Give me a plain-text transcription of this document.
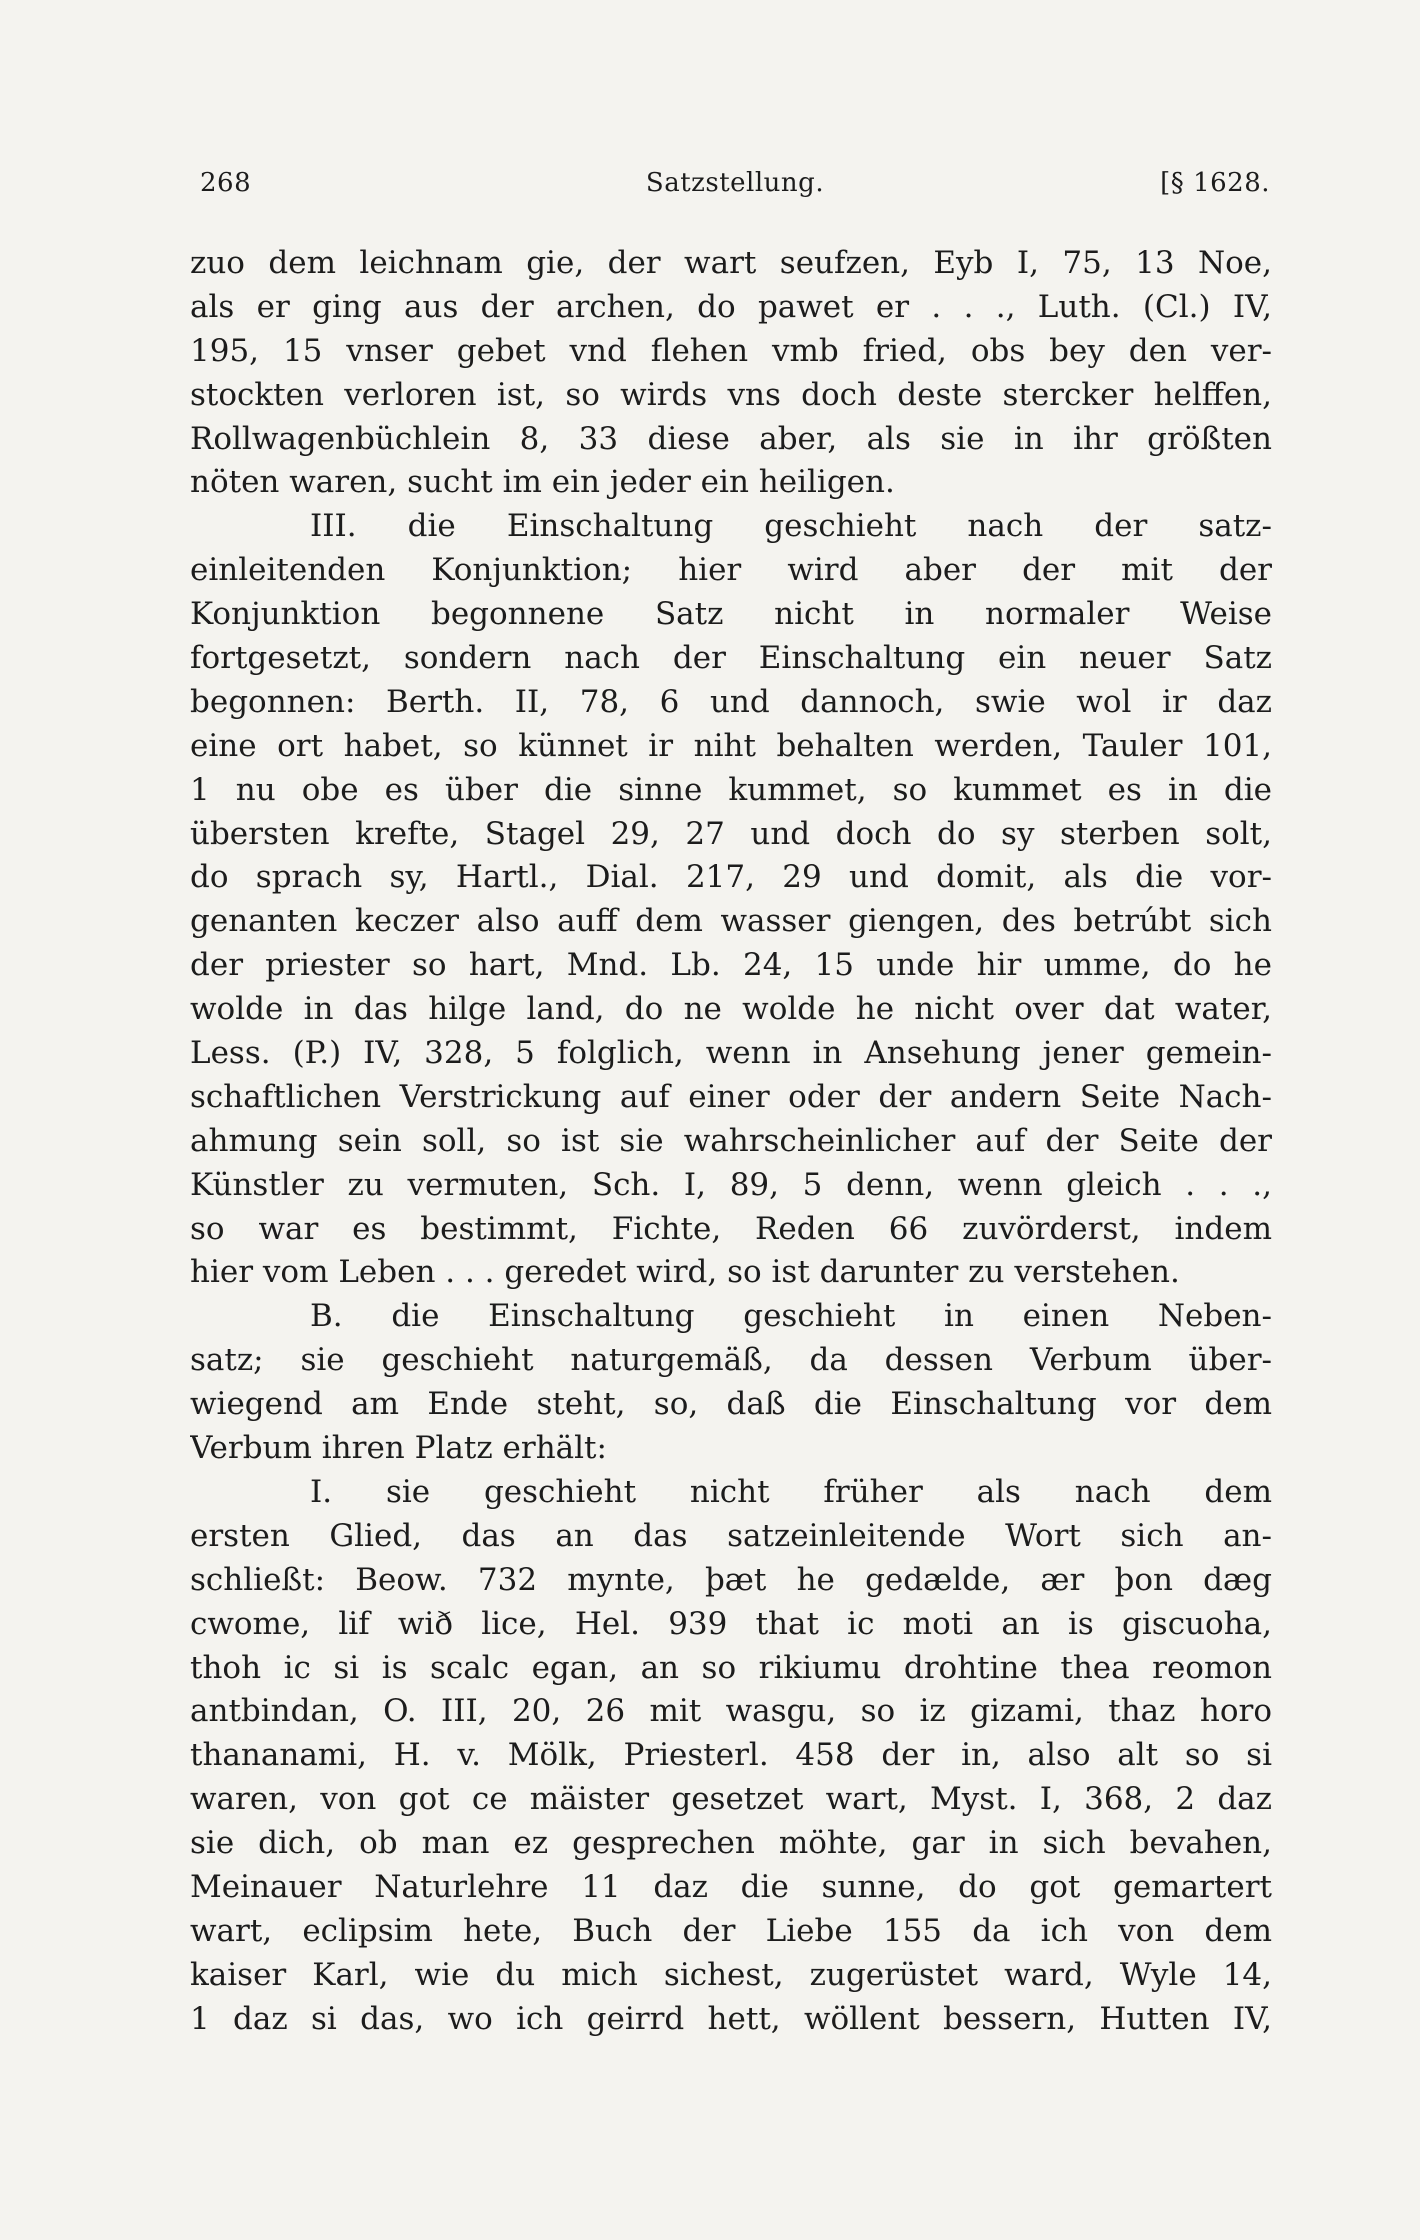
268	Satzstellung.	[§ 1628.
zuo dem leichnam gie, der wart seufzen, Eyb I, 75, 13 Noe,
als er ging aus der archen, do pawet er . . ., Luth. (Cl.) IV,
195, 15 vnser gebet vnd flehen vmb fried, obs bey den ver-
stockten verloren ist, so wirds vns doch deste stercker helffen,
Rollwagenbüchlein 8, 33 diese aber, als sie in ihr größten
nöten waren, sucht im ein jeder ein heiligen.
III. die Einschaltung geschieht nach der satz-
einleitenden Konjunktion; hier wird aber der mit der
Konjunktion begonnene Satz nicht in normaler Weise
fortgesetzt, sondern nach der Einschaltung ein neuer Satz
begonnen: Berth. II, 78, 6 und dannoch, swie wol ir daz
eine ort habet, so künnet ir niht behalten werden, Tauler 101,
1 nu obe es über die sinne kummet, so kummet es in die
übersten krefte, Stagel 29, 27 und doch do sy sterben solt,
do sprach sy, Hartl., Dial. 217, 29 und domit, als die vor-
genanten keczer also auff dem wasser giengen, des betrúbt sich
der priester so hart, Mnd. Lb. 24, 15 unde hir umme, do he
wolde in das hilge land, do ne wolde he nicht over dat water,
Less. (P.) IV, 328, 5 folglich, wenn in Ansehung jener gemein-
schaftlichen Verstrickung auf einer oder der andern Seite Nach-
ahmung sein soll, so ist sie wahrscheinlicher auf der Seite der
Künstler zu vermuten, Sch. I, 89, 5 denn, wenn gleich . . .,
so war es bestimmt, Fichte, Reden 66 zuvörderst, indem
hier vom Leben . . . geredet wird, so ist darunter zu verstehen.
B. die Einschaltung geschieht in einen Neben-
satz; sie geschieht naturgemäß, da dessen Verbum über-
wiegend am Ende steht, so, daß die Einschaltung vor dem
Verbum ihren Platz erhält:
I. sie geschieht nicht früher als nach dem
ersten Glied, das an das satzeinleitende Wort sich an-
schließt: Beow. 732 mynte, þæt he gedælde, ær þon dæg
cwome, lif wið lice, Hel. 939 that ic moti an is giscuoha,
thoh ic si is scalc egan, an so rikiumu drohtine thea reomon
antbindan, O. III, 20, 26 mit wasgu, so iz gizami, thaz horo
thananami, H. v. Mölk, Priesterl. 458 der in, also alt so si
waren, von got ce mäister gesetzet wart, Myst. I, 368, 2 daz
sie dich, ob man ez gesprechen möhte, gar in sich bevahen,
Meinauer Naturlehre 11 daz die sunne, do got gemartert
wart, eclipsim hete, Buch der Liebe 155 da ich von dem
kaiser Karl, wie du mich sichest, zugerüstet ward, Wyle 14,
1 daz si das, wo ich geirrd hett, wöllent bessern, Hutten IV,
